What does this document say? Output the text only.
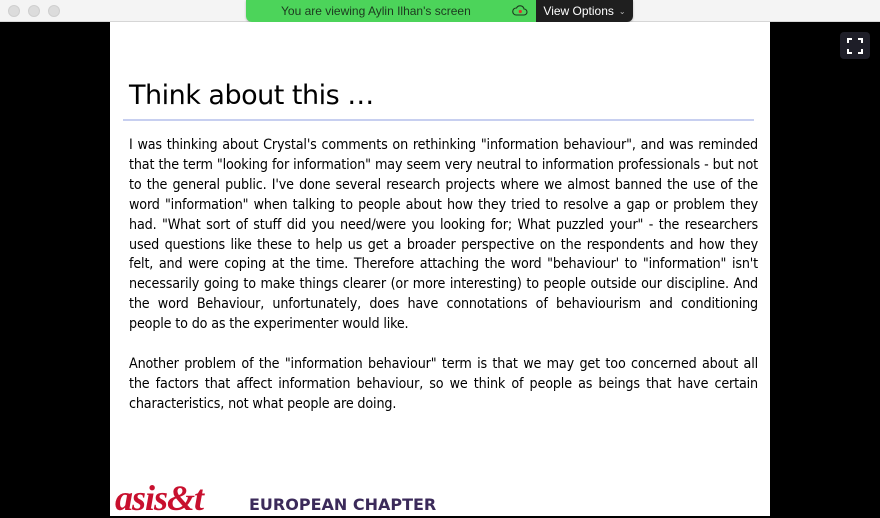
You are viewing Aylin Ilhan's screen	View Options ⌄
Think about this …

I was thinking about Crystal's comments on rethinking "information behaviour", and was reminded that the term "looking for information" may seem very neutral to information professionals - but not to the general public. I've done several research projects where we almost banned the use of the word "information" when talking to people about how they tried to resolve a gap or problem they had. "What sort of stuff did you need/were you looking for; What puzzled your" - the researchers used questions like these to help us get a broader perspective on the respondents and how they felt, and were coping at the time. Therefore attaching the word "behaviour' to "information" isn't necessarily going to make things clearer (or more interesting) to people outside our discipline. And the word Behaviour, unfortunately, does have connotations of behaviourism and conditioning people to do as the experimenter would like.

Another problem of the "information behaviour" term is that we may get too concerned about all the factors that affect information behaviour, so we think of people as beings that have certain characteristics, not what people are doing.

asis&t	EUROPEAN CHAPTER
